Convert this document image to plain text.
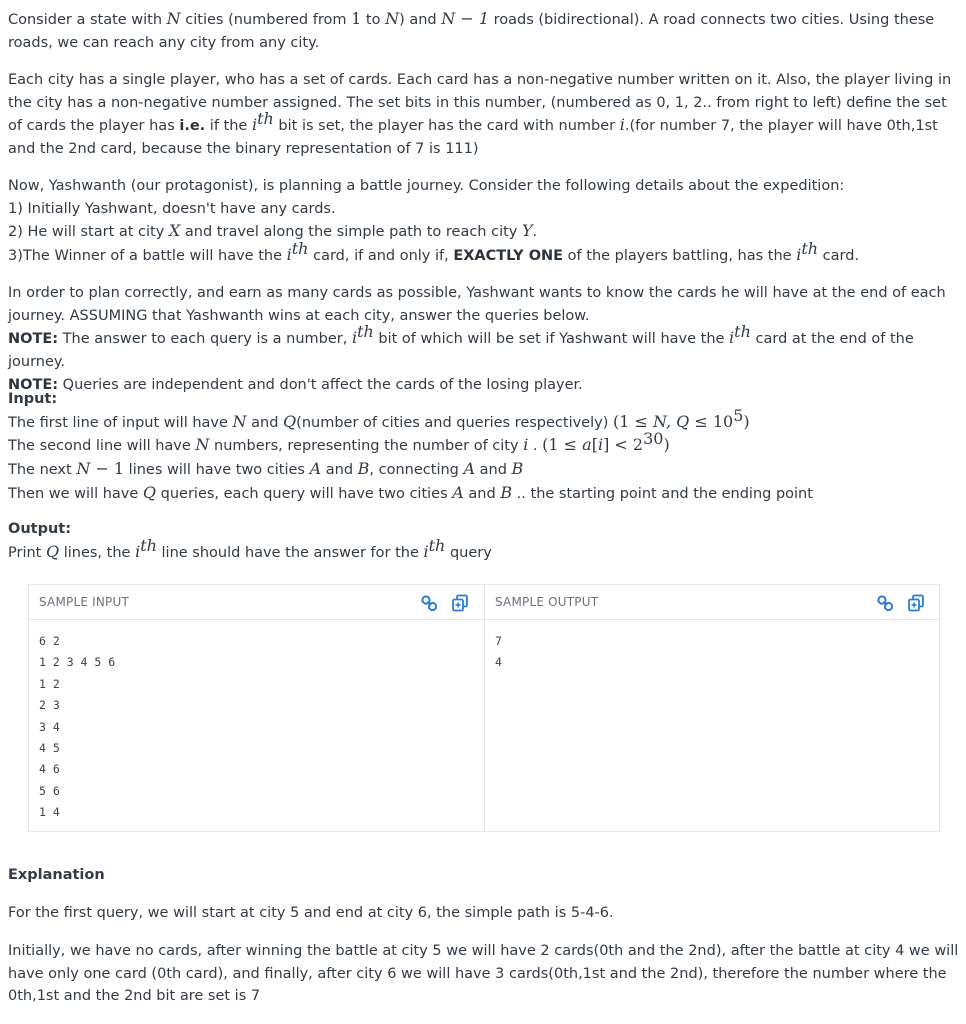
Consider a state with N cities (numbered from 1 to N) and N − 1 roads (bidirectional). A road connects two cities. Using these roads, we can reach any city from any city.

Each city has a single player, who has a set of cards. Each card has a non-negative number written on it. Also, the player living in the city has a non-negative number assigned. The set bits in this number, (numbered as 0, 1, 2.. from right to left) define the set of cards the player has i.e. if the $i^{th}$ bit is set, the player has the card with number i.(for number 7, the player will have 0th,1st and the 2nd card, because the binary representation of 7 is 111)

Now, Yashwanth (our protagonist), is planning a battle journey. Consider the following details about the expedition:
1) Initially Yashwant, doesn't have any cards.
2) He will start at city X and travel along the simple path to reach city Y.
3)The Winner of a battle will have the $i^{th}$ card, if and only if, EXACTLY ONE of the players battling, has the $i^{th}$ card.
In order to plan correctly, and earn as many cards as possible, Yashwant wants to know the cards he will have at the end of each journey. ASSUMING that Yashwanth wins at each city, answer the queries below.
NOTE: The answer to each query is a number, $i^{th}$ bit of which will be set if Yashwant will have the $i^{th}$ card at the end of the journey.
NOTE: Queries are independent and don't affect the cards of the losing player.
Input:
The first line of input will have N and Q(number of cities and queries respectively) (1 ≤ N, $Q \le 10^5$)
The second line will have N numbers, representing the number of city i . $(1 \le a[i] < 2^{30})$
The next N − 1 lines will have two cities A and B, connecting A and B
Then we will have Q queries, each query will have two cities A and B .. the starting point and the ending point
Output:
Print Q lines, the $i^{th}$ line should have the answer for the $i^{th}$ query
SAMPLE INPUT
6 2
1 2 3 4 5 6
1 2
2 3
3 4
4 5
4 6
5 6
1 4
SAMPLE OUTPUT
7
4
Explanation

For the first query, we will start at city 5 and end at city 6, the simple path is 5-4-6.

Initially, we have no cards, after winning the battle at city 5 we will have 2 cards(0th and the 2nd), after the battle at city 4 we will have only one card (0th card), and finally, after city 6 we will have 3 cards(0th,1st and the 2nd), therefore the number where the 0th,1st and the 2nd bit are set is 7
